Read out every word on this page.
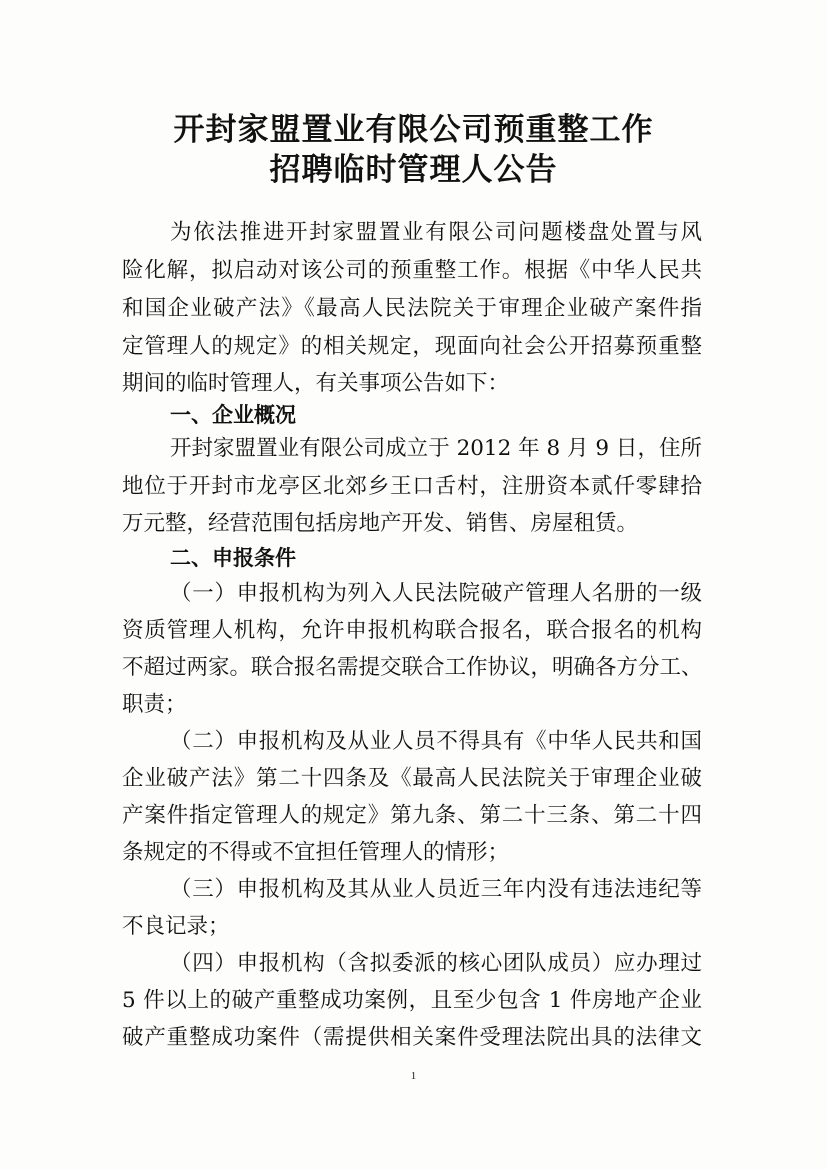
开封家盟置业有限公司预重整工作
招聘临时管理人公告
为依法推进开封家盟置业有限公司问题楼盘处置与风
险化解，拟启动对该公司的预重整工作。根据《中华人民共
和国企业破产法》《最高人民法院关于审理企业破产案件指
定管理人的规定》的相关规定，现面向社会公开招募预重整
期间的临时管理人，有关事项公告如下：
一、企业概况
开封家盟置业有限公司成立于 2012 年 8 月 9 日，住所
地位于开封市龙亭区北郊乡王口舌村，注册资本贰仟零肆拾
万元整，经营范围包括房地产开发、销售、房屋租赁。
二、申报条件
（一）申报机构为列入人民法院破产管理人名册的一级
资质管理人机构，允许申报机构联合报名，联合报名的机构
不超过两家。联合报名需提交联合工作协议，明确各方分工、
职责；
（二）申报机构及从业人员不得具有《中华人民共和国
企业破产法》第二十四条及《最高人民法院关于审理企业破
产案件指定管理人的规定》第九条、第二十三条、第二十四
条规定的不得或不宜担任管理人的情形；
（三）申报机构及其从业人员近三年内没有违法违纪等
不良记录；
（四）申报机构（含拟委派的核心团队成员）应办理过
5 件以上的破产重整成功案例，且至少包含 1 件房地产企业
破产重整成功案件（需提供相关案件受理法院出具的法律文
1
